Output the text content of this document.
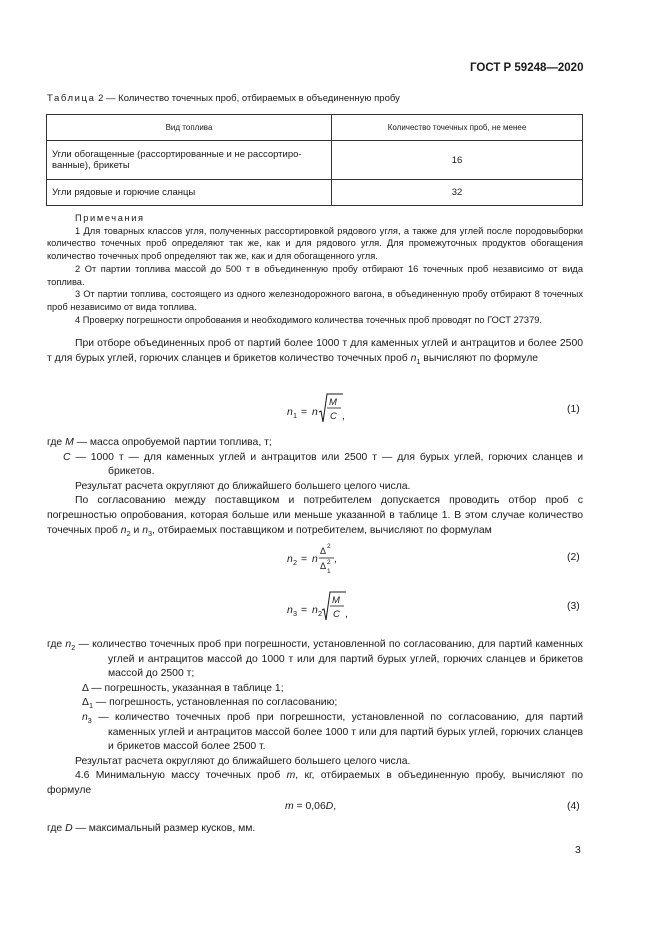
ГОСТ Р 59248—2020
Таблица 2 — Количество точечных проб, отбираемых в объединенную пробу
Вид топлива	Количество точечных проб, не менее
Угли обогащенные (рассортированные и не рассортиро-ванные), брикеты	16
Угли рядовые и горючие сланцы	32

Примечания

1 Для товарных классов угля, полученных рассортировкой рядового угля, а также для углей после породовыборки количество точечных проб определяют так же, как и для рядового угля. Для промежуточных продуктов обогащения количество точечных проб определяют так же, как и для обогащенного угля.

2 От партии топлива массой до 500 т в объединенную пробу отбирают 16 точечных проб независимо от вида топлива.

3 От партии топлива, состоящего из одного железнодорожного вагона, в объединенную пробу отбирают 8 точечных проб независимо от вида топлива.

4 Проверку погрешности опробования и необходимого количества точечных проб проводят по ГОСТ 27379.

При отборе объединенных проб от партий более 1000 т для каменных углей и антрацитов и более 2500 т для бурых углей, горючих сланцев и брикетов количество точечных проб $n_1$ вычисляют по формуле

n 1 = n
M
C ,
(1)

где M — масса опробуемой партии топлива, т;

C — 1000 т — для каменных углей и антрацитов или 2500 т — для бурых углей, горючих сланцев и брикетов.

Результат расчета округляют до ближайшего большего целого числа.

По согласованию между поставщиком и потребителем допускается проводить отбор проб с погрешностью опробования, которая больше или меньше указанной в таблице 1. В этом случае количество точечных проб $n_2$ и $n_3$, отбираемых поставщиком и потребителем, вычисляют по формулам

n 2 = n
Δ 2
Δ 2
1
,	(2)
n 3 = n 2
M
C ,
(3)

где $n_2$ — количество точечных проб при погрешности, установленной по согласованию, для партий каменных углей и антрацитов массой до 1000 т или для партий бурых углей, горючих сланцев и брикетов массой до 2500 т;

Δ — погрешность, указанная в таблице 1;

$\Delta_1$ — погрешность, установленная по согласованию;

$n_3$ — количество точечных проб при погрешности, установленной по согласованию, для партий каменных углей и антрацитов массой более 1000 т или для партий бурых углей, горючих сланцев и брикетов массой более 2500 т.

Результат расчета округляют до ближайшего большего целого числа.

4.6 Минимальную массу точечных проб m, кг, отбираемых в объединенную пробу, вычисляют по формуле

m = 0,06D,	(4)

где D — максимальный размер кусков, мм.

3
